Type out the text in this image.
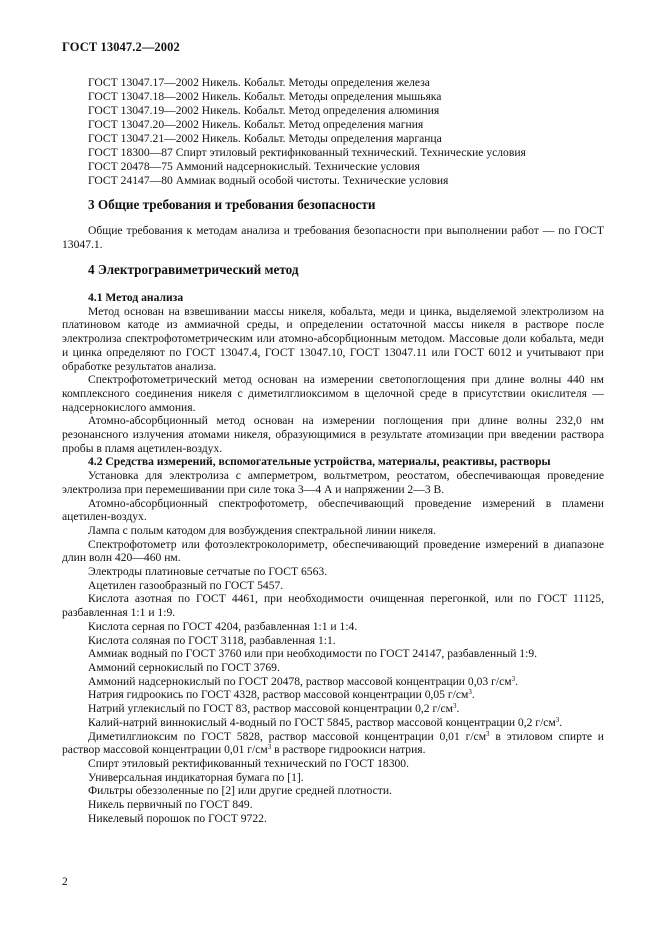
ГОСТ 13047.2—2002
ГОСТ 13047.17—2002 Никель. Кобальт. Методы определения железа
ГОСТ 13047.18—2002 Никель. Кобальт. Методы определения мышьяка
ГОСТ 13047.19—2002 Никель. Кобальт. Метод определения алюминия
ГОСТ 13047.20—2002 Никель. Кобальт. Метод определения магния
ГОСТ 13047.21—2002 Никель. Кобальт. Методы определения марганца
ГОСТ 18300—87 Спирт этиловый ректификованный технический. Технические условия
ГОСТ 20478—75 Аммоний надсернокислый. Технические условия
ГОСТ 24147—80 Аммиак водный особой чистоты. Технические условия
3 Общие требования и требования безопасности

Общие требования к методам анализа и требования безопасности при выполнении работ — по ГОСТ 13047.1.

4 Электрогравиметрический метод

4.1 Метод анализа

Метод основан на взвешивании массы никеля, кобальта, меди и цинка, выделяемой электролизом на платиновом катоде из аммиачной среды, и определении остаточной массы никеля в растворе после электролиза спектрофотометрическим или атомно-абсорбционным методом. Массовые доли кобальта, меди и цинка определяют по ГОСТ 13047.4, ГОСТ 13047.10, ГОСТ 13047.11 или ГОСТ 6012 и учитывают при обработке результатов анализа.

Спектрофотометрический метод основан на измерении светопоглощения при длине волны 440 нм комплексного соединения никеля с диметилглиоксимом в щелочной среде в присутствии окислителя — надсернокислого аммония.

Атомно-абсорбционный метод основан на измерении поглощения при длине волны 232,0 нм резонансного излучения атомами никеля, образующимися в результате атомизации при введении раствора пробы в пламя ацетилен-воздух.

4.2 Средства измерений, вспомогательные устройства, материалы, реактивы, растворы

Установка для электролиза с амперметром, вольтметром, реостатом, обеспечивающая проведение электролиза при перемешивании при силе тока 3—4 А и напряжении 2—3 В.

Атомно-абсорбционный спектрофотометр, обеспечивающий проведение измерений в пламени ацетилен-воздух.

Лампа с полым катодом для возбуждения спектральной линии никеля.

Спектрофотометр или фотоэлектроколориметр, обеспечивающий проведение измерений в диапазоне длин волн 420—460 нм.

Электроды платиновые сетчатые по ГОСТ 6563.

Ацетилен газообразный по ГОСТ 5457.

Кислота азотная по ГОСТ 4461, при необходимости очищенная перегонкой, или по ГОСТ 11125, разбавленная 1:1 и 1:9.

Кислота серная по ГОСТ 4204, разбавленная 1:1 и 1:4.

Кислота соляная по ГОСТ 3118, разбавленная 1:1.

Аммиак водный по ГОСТ 3760 или при необходимости по ГОСТ 24147, разбавленный 1:9.

Аммоний сернокислый по ГОСТ 3769.

Аммоний надсернокислый по ГОСТ 20478, раствор массовой концентрации 0,03 $г/см^3$.

Натрия гидроокись по ГОСТ 4328, раствор массовой концентрации 0,05 $г/см^3$.

Натрий углекислый по ГОСТ 83, раствор массовой концентрации 0,2 $г/см^3$.

Калий-натрий виннокислый 4-водный по ГОСТ 5845, раствор массовой концентрации 0,2 $г/см^3$.

Диметилглиоксим по ГОСТ 5828, раствор массовой концентрации 0,01 $г/см^3$ в этиловом спирте и раствор массовой концентрации 0,01 $г/см^3$ в растворе гидроокиси натрия.

Спирт этиловый ректификованный технический по ГОСТ 18300.

Универсальная индикаторная бумага по [1].

Фильтры обеззоленные по [2] или другие средней плотности.

Никель первичный по ГОСТ 849.

Никелевый порошок по ГОСТ 9722.

2
